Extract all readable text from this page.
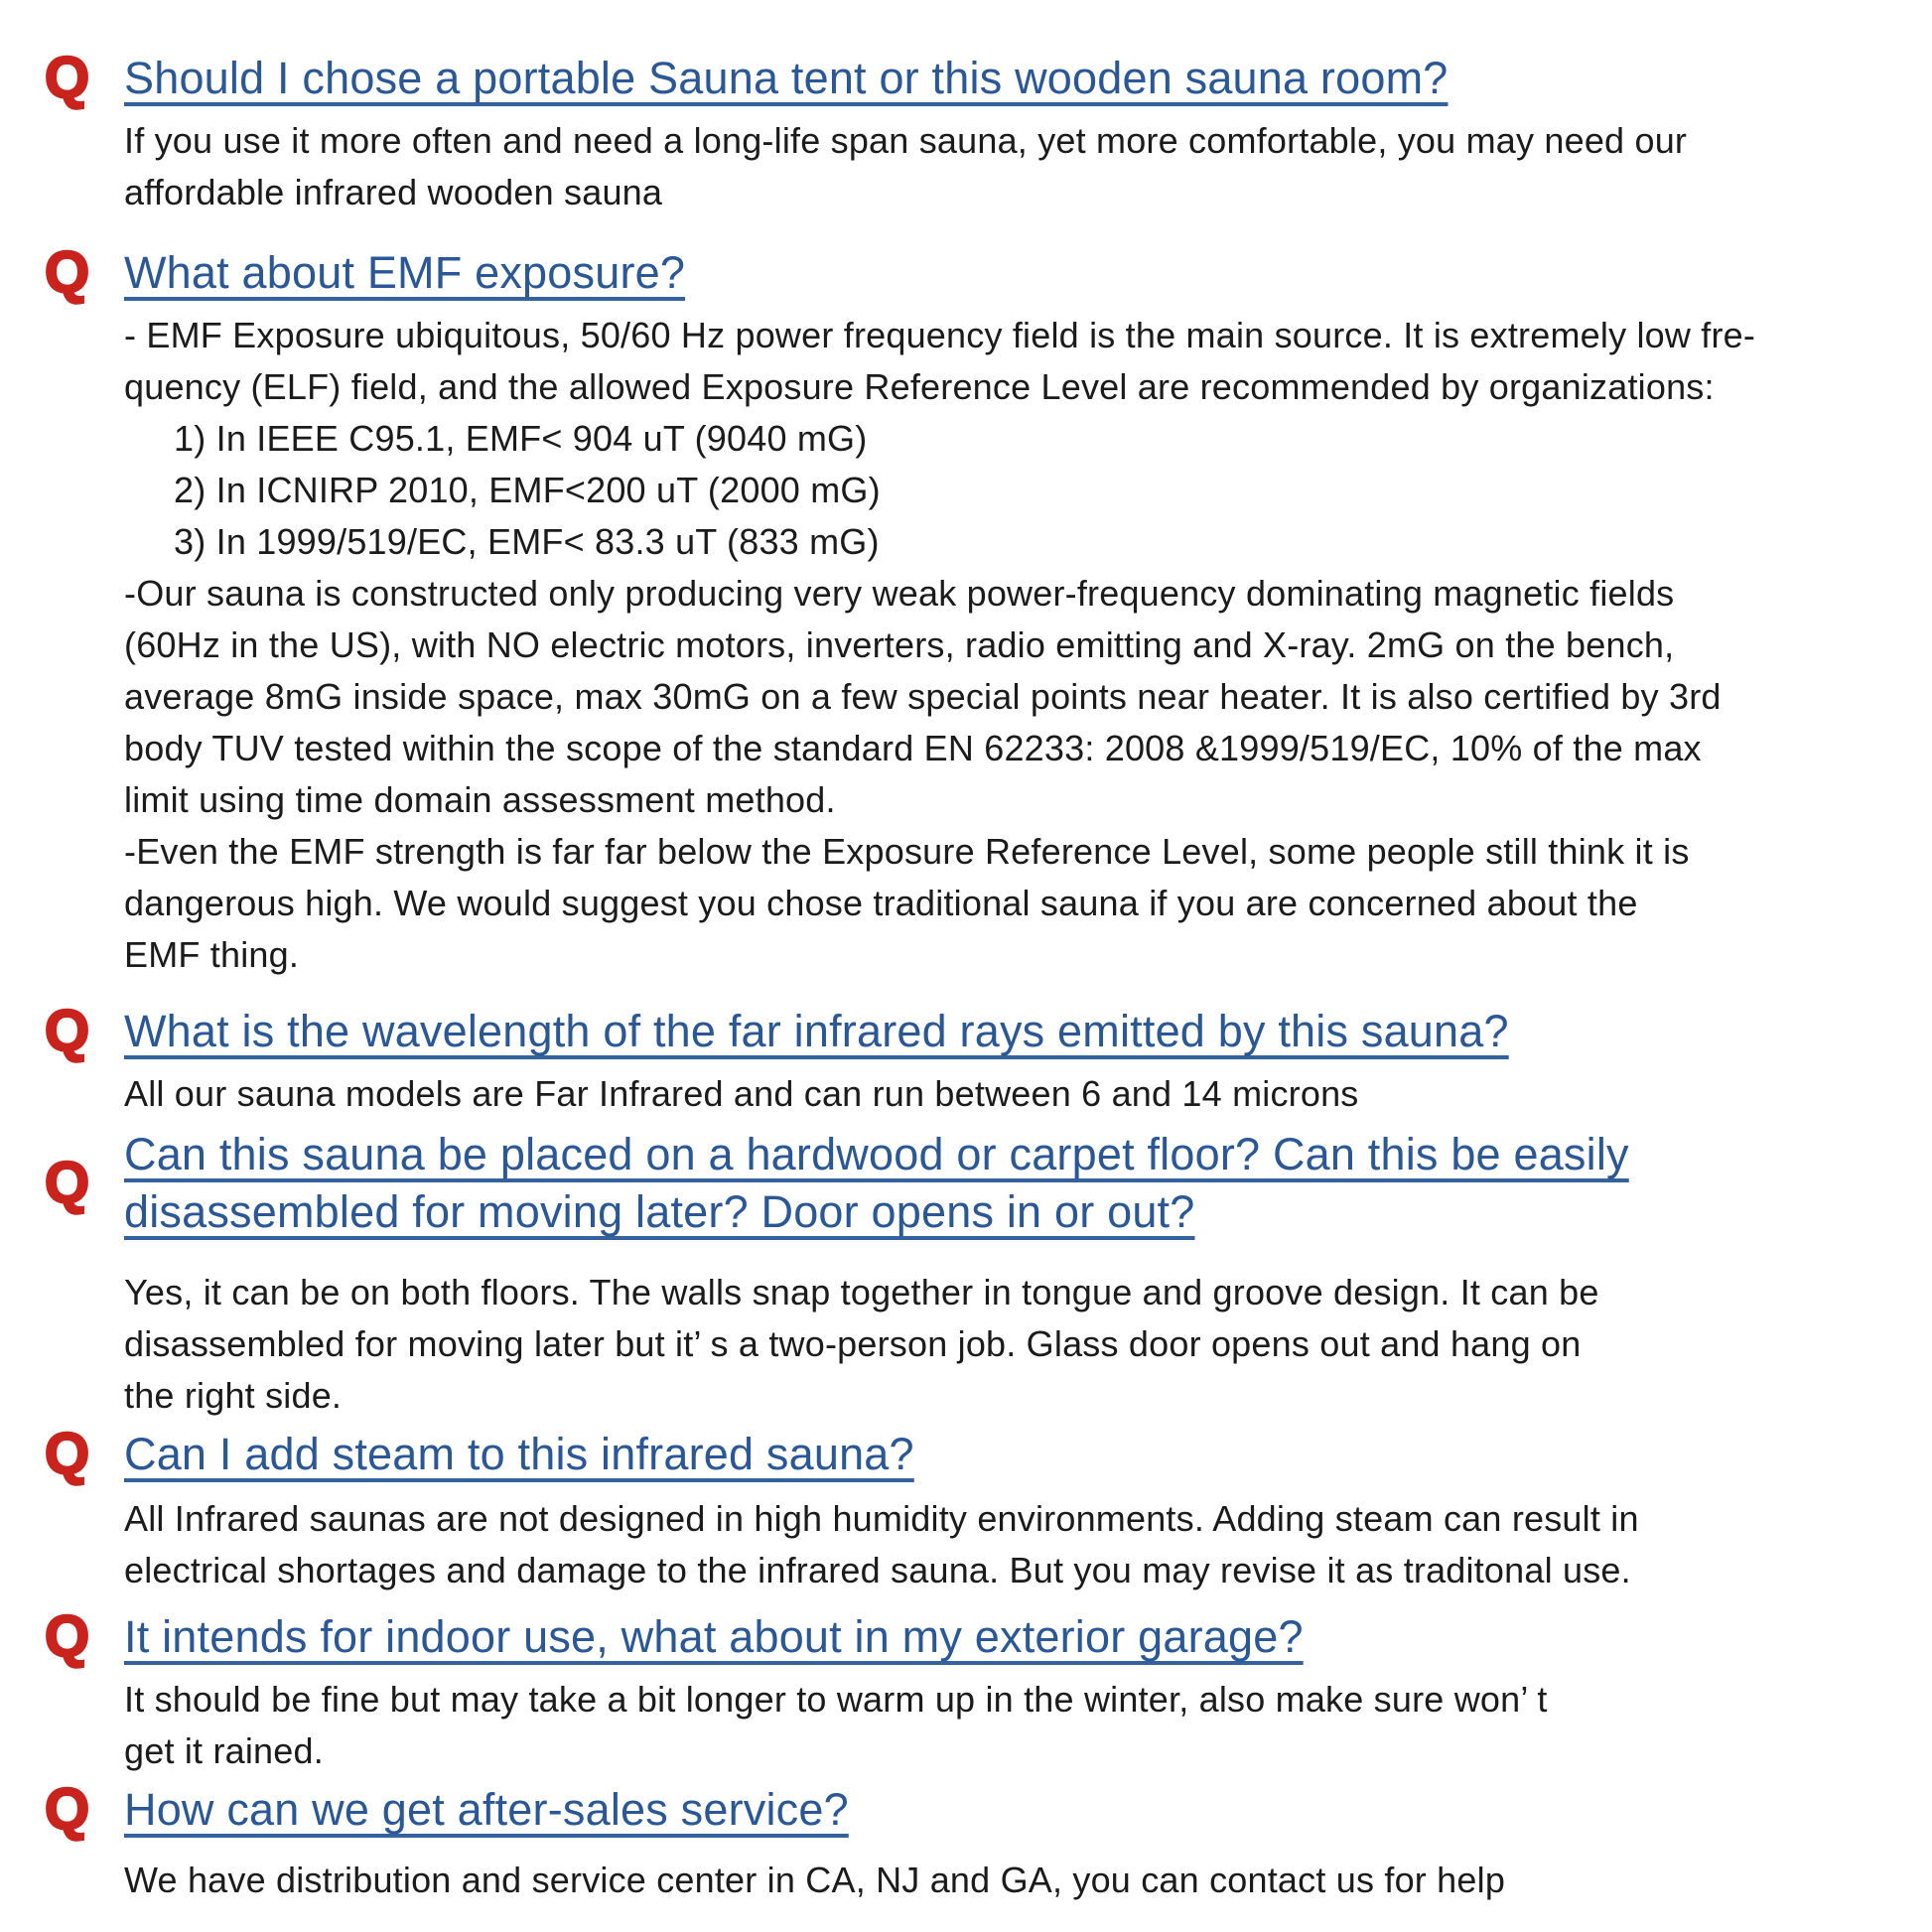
Q Should I chose a portable Sauna tent or this wooden sauna room?
If you use it more often and need a long-life span sauna, yet more comfortable, you may need our
affordable infrared wooden sauna
Q What about EMF exposure?
- EMF Exposure ubiquitous, 50/60 Hz power frequency field is the main source. It is extremely low fre-
quency (ELF) field, and the allowed Exposure Reference Level are recommended by organizations:
1) In IEEE C95.1, EMF< 904 uT (9040 mG)
2) In ICNIRP 2010, EMF<200 uT (2000 mG)
3) In 1999/519/EC, EMF< 83.3 uT (833 mG)
-Our sauna is constructed only producing very weak power-frequency dominating magnetic fields
(60Hz in the US), with NO electric motors, inverters, radio emitting and X-ray. 2mG on the bench,
average 8mG inside space, max 30mG on a few special points near heater. It is also certified by 3rd
body TUV tested within the scope of the standard EN 62233: 2008 &1999/519/EC, 10% of the max
limit using time domain assessment method.
-Even the EMF strength is far far below the Exposure Reference Level, some people still think it is
dangerous high. We would suggest you chose traditional sauna if you are concerned about the
EMF thing.
Q What is the wavelength of the far infrared rays emitted by this sauna?
All our sauna models are Far Infrared and can run between 6 and 14 microns
Q Can this sauna be placed on a hardwood or carpet floor? Can this be easily
disassembled for moving later? Door opens in or out?
Yes, it can be on both floors. The walls snap together in tongue and groove design. It can be
disassembled for moving later but it’ s a two-person job. Glass door opens out and hang on
the right side.
Q Can I add steam to this infrared sauna?
All Infrared saunas are not designed in high humidity environments. Adding steam can result in
electrical shortages and damage to the infrared sauna. But you may revise it as traditonal use.
Q It intends for indoor use, what about in my exterior garage?
It should be fine but may take a bit longer to warm up in the winter, also make sure won’ t
get it rained.
Q How can we get after-sales service?
We have distribution and service center in CA, NJ and GA, you can contact us for help
